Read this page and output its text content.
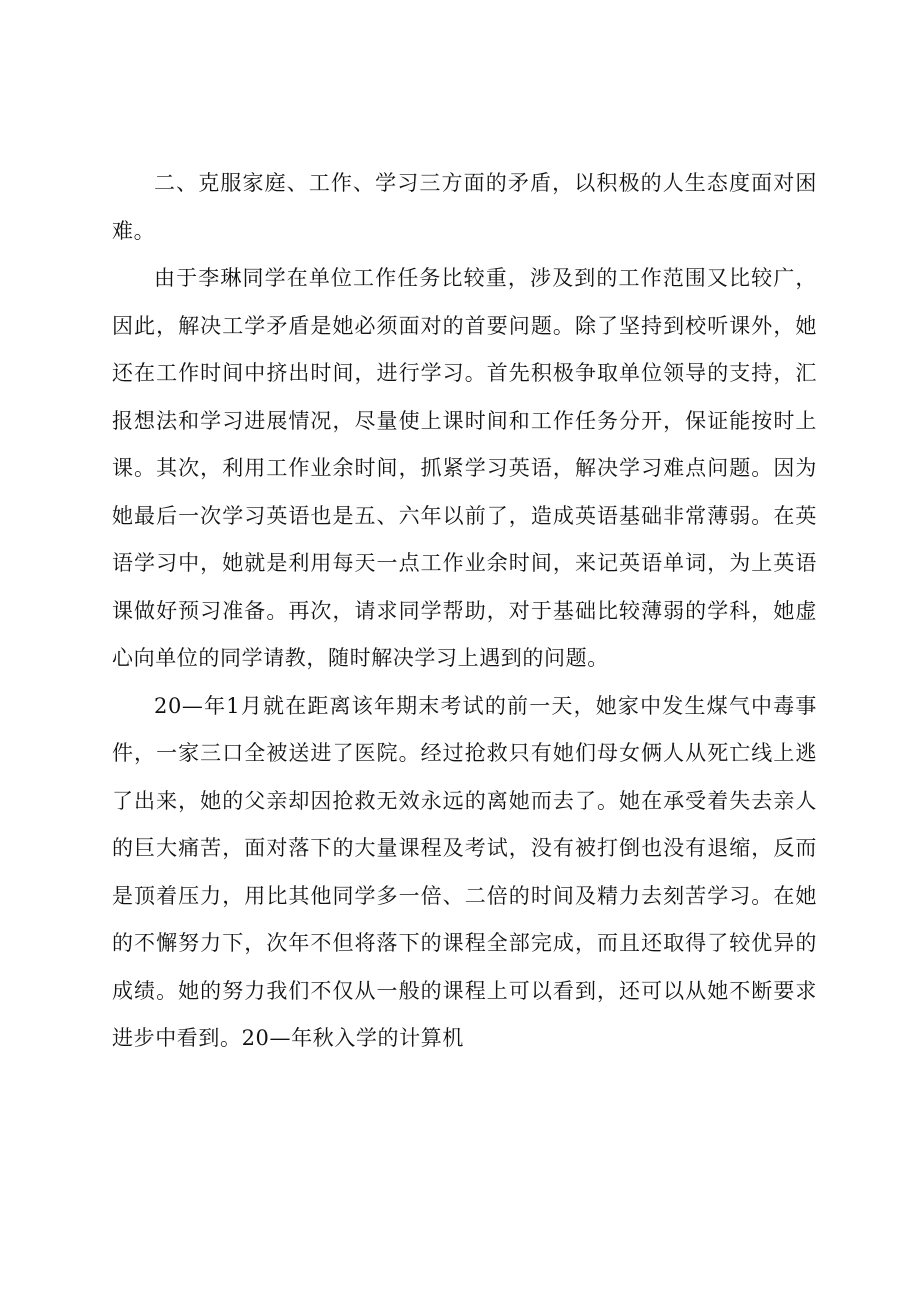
二、克服家庭、工作、学习三方面的矛盾，以积极的人生态度面对困难。

由于李琳同学在单位工作任务比较重，涉及到的工作范围又比较广，因此，解决工学矛盾是她必须面对的首要问题。除了坚持到校听课外，她还在工作时间中挤出时间，进行学习。首先积极争取单位领导的支持，汇报想法和学习进展情况，尽量使上课时间和工作任务分开，保证能按时上课。其次，利用工作业余时间，抓紧学习英语，解决学习难点问题。因为她最后一次学习英语也是五、六年以前了，造成英语基础非常薄弱。在英语学习中，她就是利用每天一点工作业余时间，来记英语单词，为上英语课做好预习准备。再次，请求同学帮助，对于基础比较薄弱的学科，她虚心向单位的同学请教，随时解决学习上遇到的问题。

20—年1月就在距离该年期末考试的前一天，她家中发生煤气中毒事件，一家三口全被送进了医院。经过抢救只有她们母女俩人从死亡线上逃了出来，她的父亲却因抢救无效永远的离她而去了。她在承受着失去亲人的巨大痛苦，面对落下的大量课程及考试，没有被打倒也没有退缩，反而是顶着压力，用比其他同学多一倍、二倍的时间及精力去刻苦学习。在她的不懈努力下，次年不但将落下的课程全部完成，而且还取得了较优异的成绩。她的努力我们不仅从一般的课程上可以看到，还可以从她不断要求进步中看到。20—年秋入学的计算机
